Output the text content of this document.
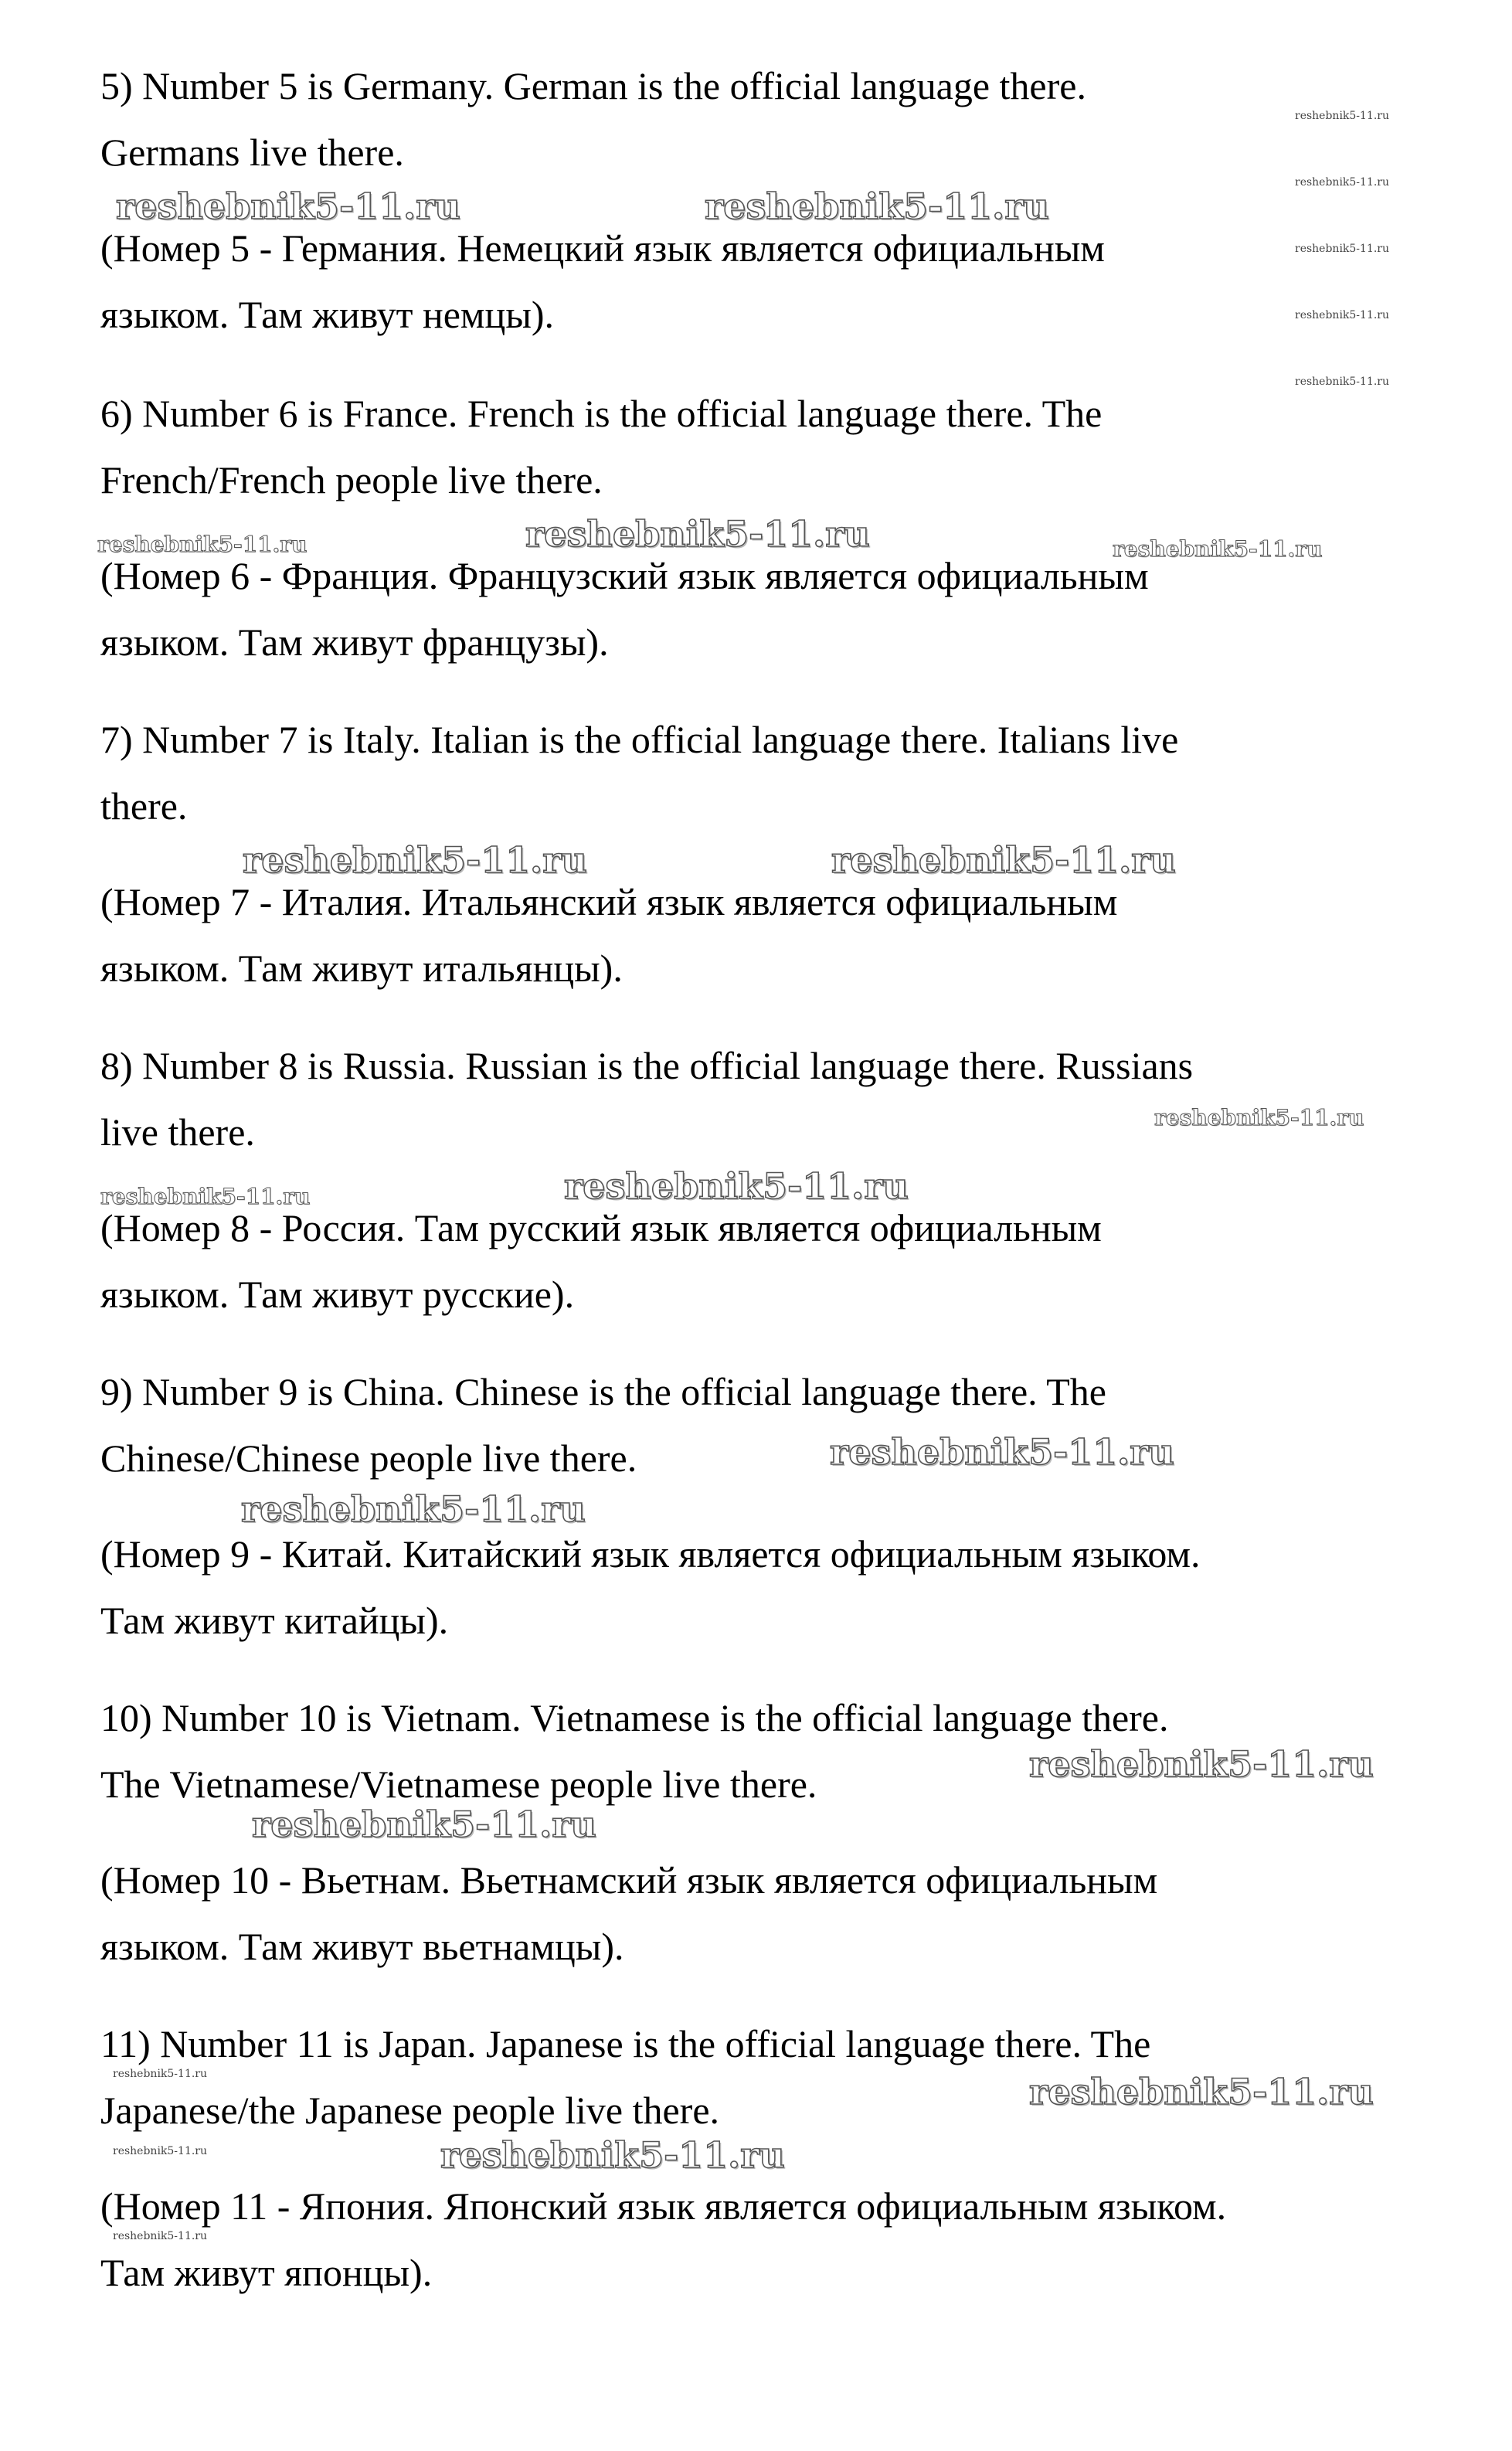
5) Number 5 is Germany. German is the official language there.

Germans live there.

(Номер 5 - Германия. Немецкий язык является официальным

языком. Там живут немцы).

6) Number 6 is France. French is the official language there. The

French/French people live there.

(Номер 6 - Франция. Французский язык является официальным

языком. Там живут французы).

7) Number 7 is Italy. Italian is the official language there. Italians live

there.

(Номер 7 - Италия. Итальянский язык является официальным

языком. Там живут итальянцы).

8) Number 8 is Russia. Russian is the official language there. Russians

live there.

(Номер 8 - Россия. Там русский язык является официальным

языком. Там живут русские).

9) Number 9 is China. Chinese is the official language there. The

Chinese/Chinese people live there.

(Номер 9 - Китай. Китайский язык является официальным языком.

Там живут китайцы).

10) Number 10 is Vietnam. Vietnamese is the official language there.

The Vietnamese/Vietnamese people live there.

(Номер 10 - Вьетнам. Вьетнамский язык является официальным

языком. Там живут вьетнамцы).

11) Number 11 is Japan. Japanese is the official language there. The

Japanese/the Japanese people live there.

(Номер 11 - Япония. Японский язык является официальным языком.

Там живут японцы).

reshebnik5-11.ru
reshebnik5-11.ru
reshebnik5-11.ru
reshebnik5-11.ru
reshebnik5-11.ru
reshebnik5-11.ru	reshebnik5-11.ru
reshebnik5-11.ru	reshebnik5-11.ru	reshebnik5-11.ru
reshebnik5-11.ru	reshebnik5-11.ru
reshebnik5-11.ru
reshebnik5-11.ru	reshebnik5-11.ru
reshebnik5-11.ru
reshebnik5-11.ru
reshebnik5-11.ru
reshebnik5-11.ru
reshebnik5-11.ru	reshebnik5-11.ru
reshebnik5-11.ru	reshebnik5-11.ru
reshebnik5-11.ru
